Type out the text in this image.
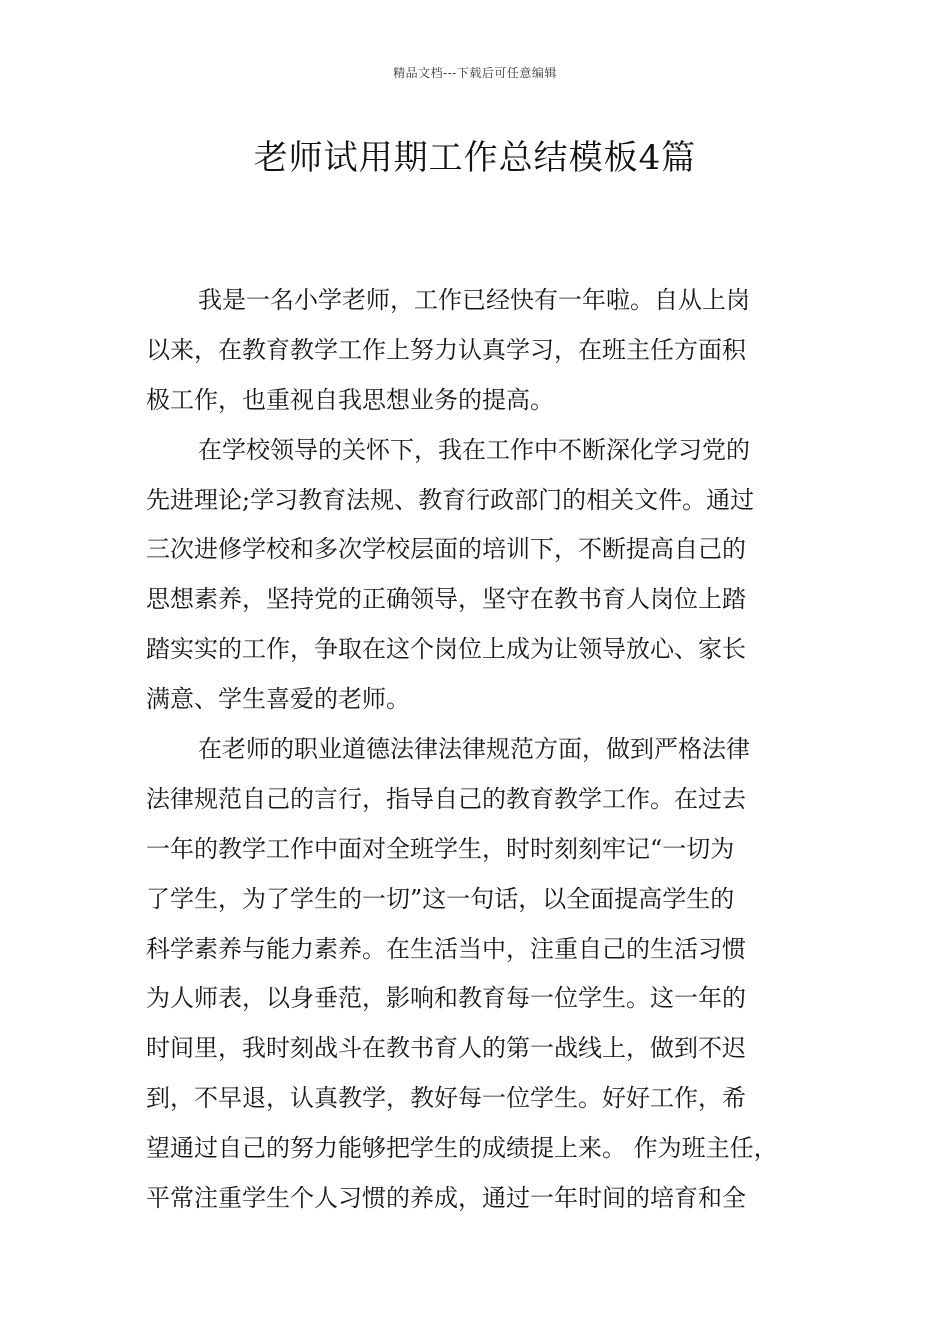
精品文档---下载后可任意编辑
老师试用期工作总结模板4篇
我是一名小学老师，工作已经快有一年啦。自从上岗
以来，在教育教学工作上努力认真学习，在班主任方面积
极工作，也重视自我思想业务的提高。
在学校领导的关怀下，我在工作中不断深化学习党的
先进理论;学习教育法规、教育行政部门的相关文件。通过
三次进修学校和多次学校层面的培训下，不断提高自己的
思想素养，坚持党的正确领导，坚守在教书育人岗位上踏
踏实实的工作，争取在这个岗位上成为让领导放心、家长
满意、学生喜爱的老师。
在老师的职业道德法律法律规范方面，做到严格法律
法律规范自己的言行，指导自己的教育教学工作。在过去
一年的教学工作中面对全班学生，时时刻刻牢记“一切为
了学生，为了学生的一切”这一句话，以全面提高学生的
科学素养与能力素养。在生活当中，注重自己的生活习惯
为人师表，以身垂范，影响和教育每一位学生。这一年的
时间里，我时刻战斗在教书育人的第一战线上，做到不迟
到，不早退，认真教学，教好每一位学生。好好工作，希
望通过自己的努力能够把学生的成绩提上来。 作为班主任，
平常注重学生个人习惯的养成，通过一年时间的培育和全
